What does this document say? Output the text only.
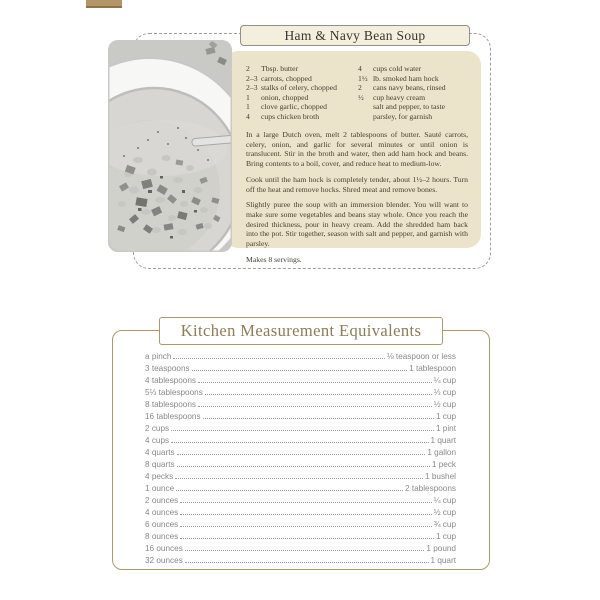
Ham & Navy Bean Soup
2	Tbsp. butter
2–3 carrots, chopped
2–3 stalks of celery, chopped
1	onion, chopped
1	clove garlic, chopped
4	cups chicken broth
4	cups cold water
1½ lb. smoked ham hock
2	cans navy beans, rinsed
½	cup heavy cream
salt and pepper, to taste
parsley, for garnish

In a large Dutch oven, melt 2 tablespoons of butter. Sauté carrots, celery, onion, and garlic for several minutes or until onion is translucent. Stir in the broth and water, then add ham hock and beans. Bring contents to a boil, cover, and reduce heat to medium-low.

Cook until the ham hock is completely tender, about 1½–2 hours. Turn off the heat and remove hocks. Shred meat and remove bones.

Slightly puree the soup with an immersion blender. You will want to make sure some vegetables and beans stay whole. Once you reach the desired thickness, pour in heavy cream. Add the shredded ham back into the pot. Stir together, season with salt and pepper, and garnish with parsley.

Makes 8 servings.

Kitchen Measurement Equivalents
a pinch	⅛ teaspoon or less
3 teaspoons	1 tablespoon
4 tablespoons	¼ cup
5⅓ tablespoons	⅓ cup
8 tablespoons	½ cup
16 tablespoons	1 cup
2 cups	1 pint
4 cups	1 quart
4 quarts	1 gallon
8 quarts	1 peck
4 pecks	1 bushel
1 ounce	2 tablespoons
2 ounces	¼ cup
4 ounces	½ cup
6 ounces	¾ cup
8 ounces	1 cup
16 ounces	1 pound
32 ounces	1 quart
